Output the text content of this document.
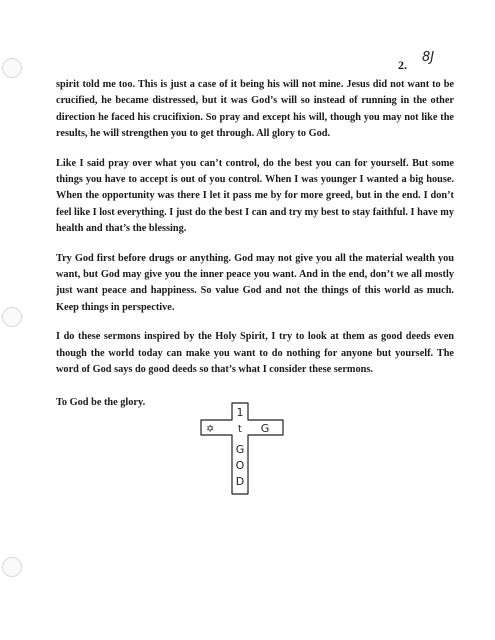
2. 8J

spirit told me too. This is just a case of it being his will not mine. Jesus did not want to be crucified, he became distressed, but it was God’s will so instead of running in the other direction he faced his crucifixion. So pray and except his will, though you may not like the results, he will strengthen you to get through. All glory to God.

Like I said pray over what you can’t control, do the best you can for yourself. But some things you have to accept is out of you control. When I was younger I wanted a big house. When the opportunity was there I let it pass me by for more greed, but in the end. I don’t feel like I lost everything. I just do the best I can and try my best to stay faithful. I have my health and that’s the blessing.

Try God first before drugs or anything. God may not give you all the material wealth you want, but God may give you the inner peace you want. And in the end, don’t we all mostly just want peace and happiness. So value God and not the things of this world as much. Keep things in perspective.

I do these sermons inspired by the Holy Spirit, I try to look at them as good deeds even though the world today can make you want to do nothing for anyone but yourself. The word of God says do good deeds so that’s what I consider these sermons.

To God be the glory.
✡
1
t G
G
O
D
